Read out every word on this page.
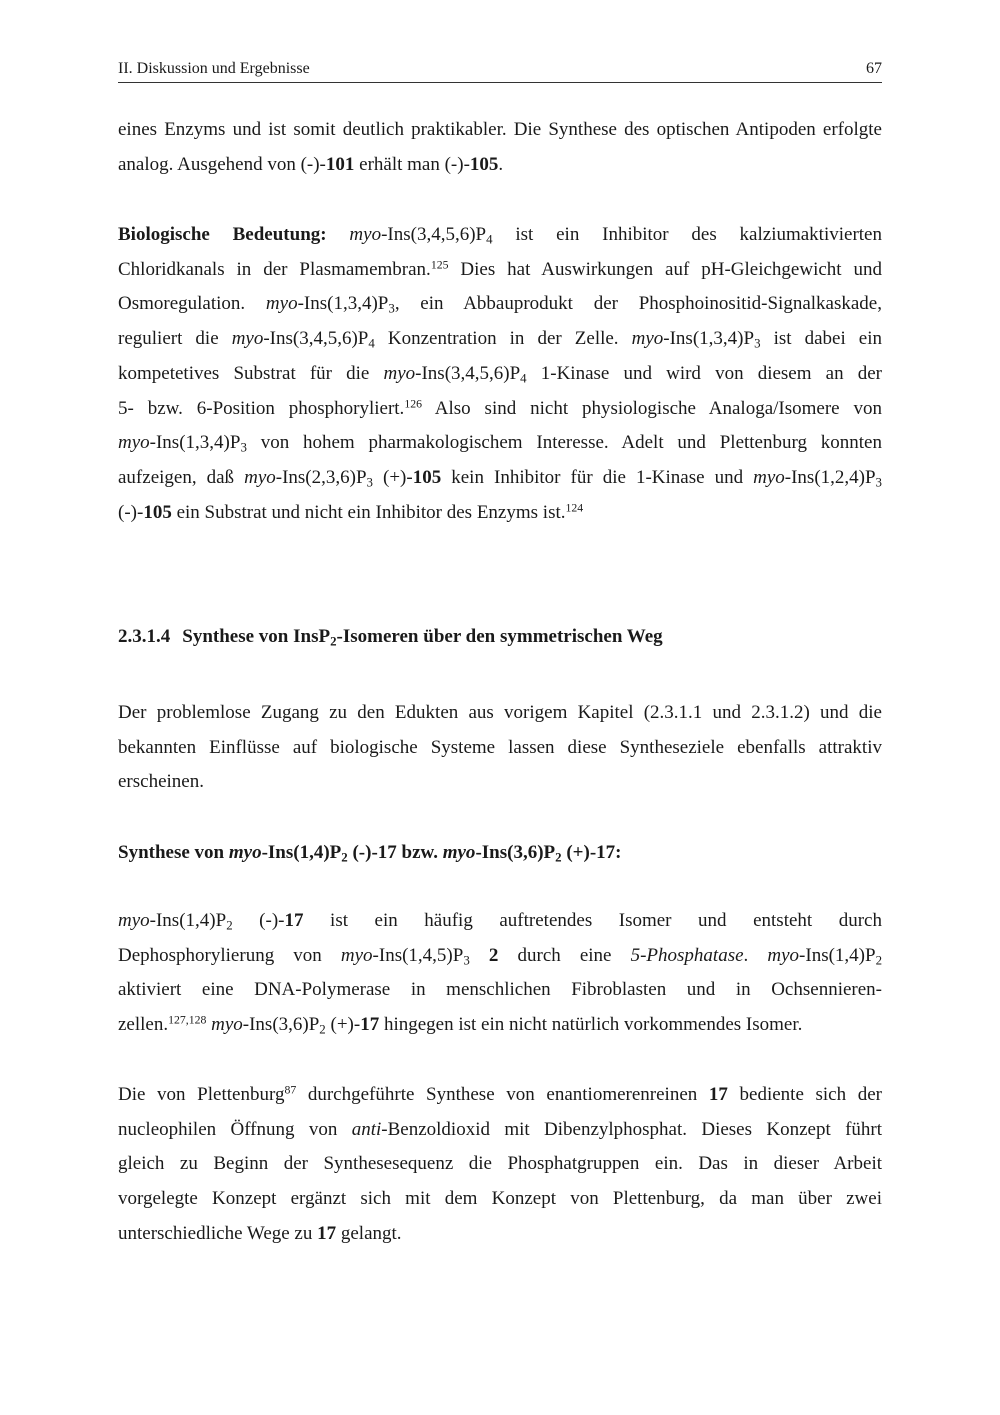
II. Diskussion und Ergebnisse	67
eines Enzyms und ist somit deutlich praktikabler. Die Synthese des optischen Antipoden erfolgte analog. Ausgehend von (-)-101 erhält man (-)-105.
Biologische Bedeutung: myo-$Ins(3,4,5,6)P_4$ ist ein Inhibitor des kalziumaktivierten
Chloridkanals in der Plasmamembran.$^{125}$ Dies hat Auswirkungen auf pH-Gleichgewicht und
Osmoregulation. myo-$Ins(1,3,4)P_3$, ein Abbauprodukt der Phosphoinositid-Signalkaskade,
reguliert die myo-$Ins(3,4,5,6)P_4$ Konzentration in der Zelle. myo-$Ins(1,3,4)P_3$ ist dabei ein
kompetetives Substrat für die myo-$Ins(3,4,5,6)P_4$ 1-Kinase und wird von diesem an der
5- bzw. 6-Position phosphoryliert.$^{126}$ Also sind nicht physiologische Analoga/Isomere von
myo-$Ins(1,3,4)P_3$ von hohem pharmakologischem Interesse. Adelt und Plettenburg konnten
aufzeigen, daß myo-$Ins(2,3,6)P_3$ (+)-105 kein Inhibitor für die 1-Kinase und myo-$Ins(1,2,4)P_3$
(-)-105 ein Substrat und nicht ein Inhibitor des Enzyms ist.$^{124}$
2.3.1.4 Synthese von InsP$_2$-Isomeren über den symmetrischen Weg
Der problemlose Zugang zu den Edukten aus vorigem Kapitel (2.3.1.1 und 2.3.1.2) und die
bekannten Einflüsse auf biologische Systeme lassen diese Syntheseziele ebenfalls attraktiv
erscheinen.
Synthese von myo-$Ins(1,4)P_2$ (-)-17 bzw. myo-$Ins(3,6)P_2$ (+)-17:
myo-$Ins(1,4)P_2$ (-)-17 ist ein häufig auftretendes Isomer und entsteht durch
Dephosphorylierung von myo-$Ins(1,4,5)P_3$ 2 durch eine 5-Phosphatase. myo-$Ins(1,4)P_2$
aktiviert eine DNA-Polymerase in menschlichen Fibroblasten und in Ochsennieren-
zellen.$^{127,128}$ myo-$Ins(3,6)P_2$ (+)-17 hingegen ist ein nicht natürlich vorkommendes Isomer.
Die von Plettenburg$^{87}$ durchgeführte Synthese von enantiomerenreinen 17 bediente sich der
nucleophilen Öffnung von anti-Benzoldioxid mit Dibenzylphosphat. Dieses Konzept führt
gleich zu Beginn der Synthesesequenz die Phosphatgruppen ein. Das in dieser Arbeit
vorgelegte Konzept ergänzt sich mit dem Konzept von Plettenburg, da man über zwei
unterschiedliche Wege zu 17 gelangt.
